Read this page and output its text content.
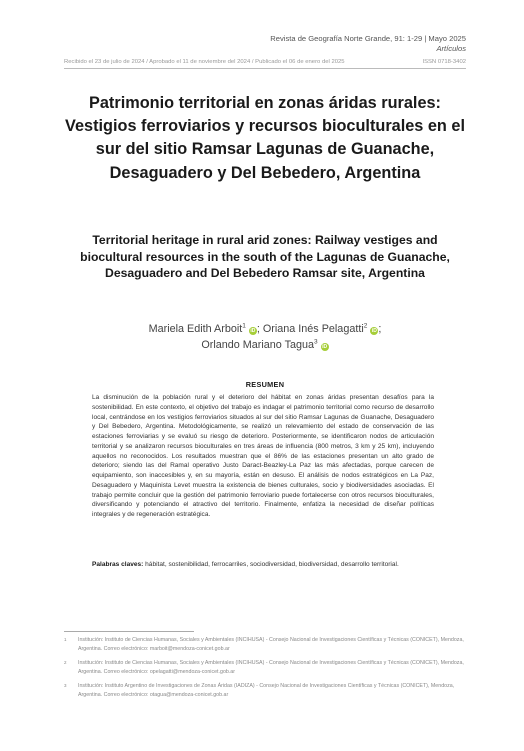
Revista de Geografía Norte Grande, 91: 1-29 | Mayo 2025
Artículos
Recibido el 23 de julio de 2024 / Aprobado el 11 de noviembre del 2024 / Publicado el 06 de enero del 2025	ISSN 0718-3402
Patrimonio territorial en zonas áridas rurales: Vestigios ferroviarios y recursos bioculturales en el sur del sitio Ramsar Lagunas de Guanache, Desaguadero y Del Bebedero, Argentina
Territorial heritage in rural arid zones: Railway vestiges and biocultural resources in the south of the Lagunas de Guanache, Desaguadero and Del Bebedero Ramsar site, Argentina
Mariela Edith Arboit$^1$iD ; Oriana Inés Pelagatti$^2$iD ;
Orlando Mariano Tagua$^3$iD
RESUMEN

La disminución de la población rural y el deterioro del hábitat en zonas áridas presentan desafíos para la sostenibilidad. En este contexto, el objetivo del trabajo es indagar el patrimonio territorial como recurso de desarrollo local, centrándose en los vestigios ferroviarios situados al sur del sitio Ramsar Lagunas de Guanache, Desaguadero y Del Bebedero, Argentina. Metodológicamente, se realizó un relevamiento del estado de conservación de las estaciones ferroviarias y se evaluó su riesgo de deterioro. Posteriormente, se identificaron nodos de articulación territorial y se analizaron recursos bioculturales en tres áreas de influencia (800 metros, 3 km y 25 km), incluyendo aquellos no reconocidos. Los resultados muestran que el 86% de las estaciones presentan un alto grado de deterioro; siendo las del Ramal operativo Justo Daract-Beazley-La Paz las más afectadas, porque carecen de equipamiento, son inaccesibles y, en su mayoría, están en desuso. El análisis de nodos estratégicos en La Paz, Desaguadero y Maquinista Levet muestra la existencia de bienes culturales, socio y biodiversidades asociadas. El trabajo permite concluir que la gestión del patrimonio ferroviario puede fortalecerse con otros recursos bioculturales, diversificando y potenciando el atractivo del territorio. Finalmente, enfatiza la necesidad de diseñar políticas integrales y de regeneración estratégica.

Palabras claves: hábitat, sostenibilidad, ferrocarriles, sociodiversidad, biodiversidad, desarrollo territorial.

1 Institución: Instituto de Ciencias Humanas, Sociales y Ambientales (INCIHUSA) - Consejo Nacional de Investigaciones Científicas y Técnicas (CONICET), Mendoza, Argentina. Correo electrónico: marboit@mendoza-conicet.gob.ar

2 Institución: Instituto de Ciencias Humanas, Sociales y Ambientales (INCIHUSA) - Consejo Nacional de Investigaciones Científicas y Técnicas (CONICET), Mendoza, Argentina. Correo electrónico: opelagatti@mendoza-conicet.gob.ar

3 Institución: Instituto Argentino de Investigaciones de Zonas Áridas (IADIZA) - Consejo Nacional de Investigaciones Científicas y Técnicas (CONICET), Mendoza, Argentina. Correo electrónico: otagua@mendoza-conicet.gob.ar
